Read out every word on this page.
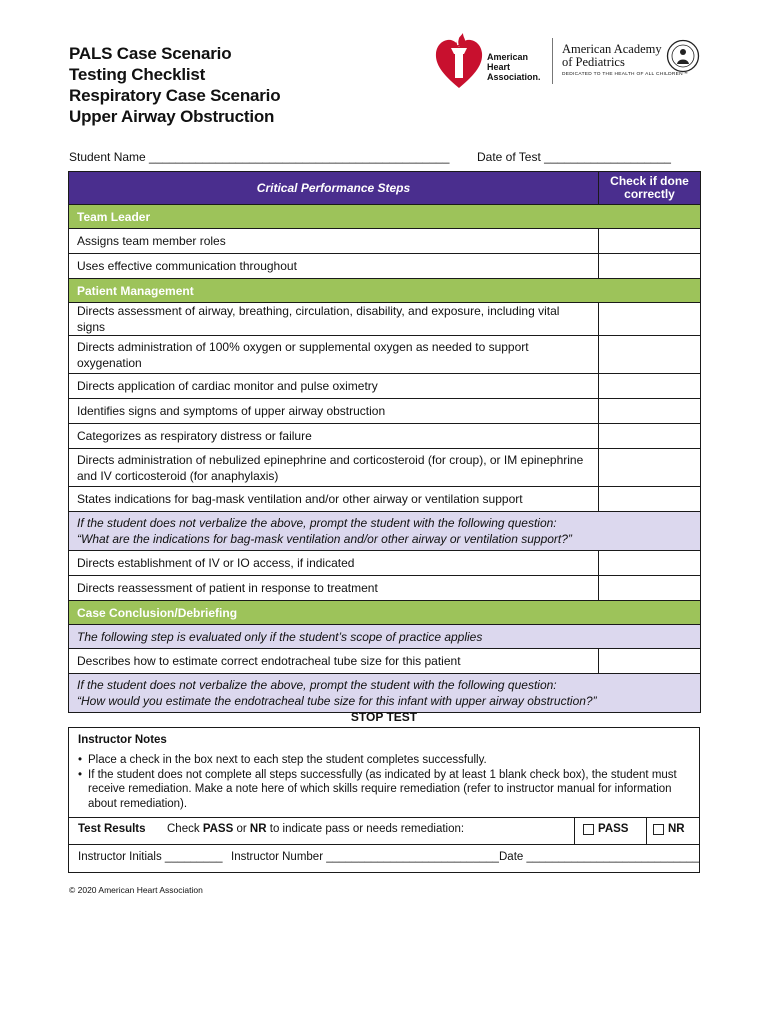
PALS Case Scenario
Testing Checklist
Respiratory Case Scenario
Upper Airway Obstruction
American
Heart
Association.
American Academy
of Pediatrics
DEDICATED TO THE HEALTH OF ALL CHILDREN™
Student Name _____________________________________________ Date of Test ___________________
Critical Performance Steps	Check if done
correctly
Team Leader	
Assigns team member roles	
Uses effective communication throughout	
Patient Management	
Directs assessment of airway, breathing, circulation, disability, and exposure, including vital signs	
Directs administration of 100% oxygen or supplemental oxygen as needed to support oxygenation	
Directs application of cardiac monitor and pulse oximetry	
Identifies signs and symptoms of upper airway obstruction	
Categorizes as respiratory distress or failure	
Directs administration of nebulized epinephrine and corticosteroid (for croup), or IM epinephrine and IV corticosteroid (for anaphylaxis)	
States indications for bag-mask ventilation and/or other airway or ventilation support	
If the student does not verbalize the above, prompt the student with the following question:
“What are the indications for bag-mask ventilation and/or other airway or ventilation support?”	
Directs establishment of IV or IO access, if indicated	
Directs reassessment of patient in response to treatment	
Case Conclusion/Debriefing	
The following step is evaluated only if the student’s scope of practice applies	
Describes how to estimate correct endotracheal tube size for this patient	
If the student does not verbalize the above, prompt the student with the following question:
“How would you estimate the endotracheal tube size for this infant with upper airway obstruction?”	
STOP TEST
Instructor Notes
• Place a check in the box next to each step the student completes successfully.
• If the student does not complete all steps successfully (as indicated by at least 1 blank check box), the student must receive remediation. Make a note here of which skills require remediation (refer to instructor manual for information about remediation).
Test Results Check PASS or NR to indicate pass or needs remediation:	PASS	NR
Instructor Initials _________ Instructor Number ___________________________ Date ___________________________
© 2020 American Heart Association
